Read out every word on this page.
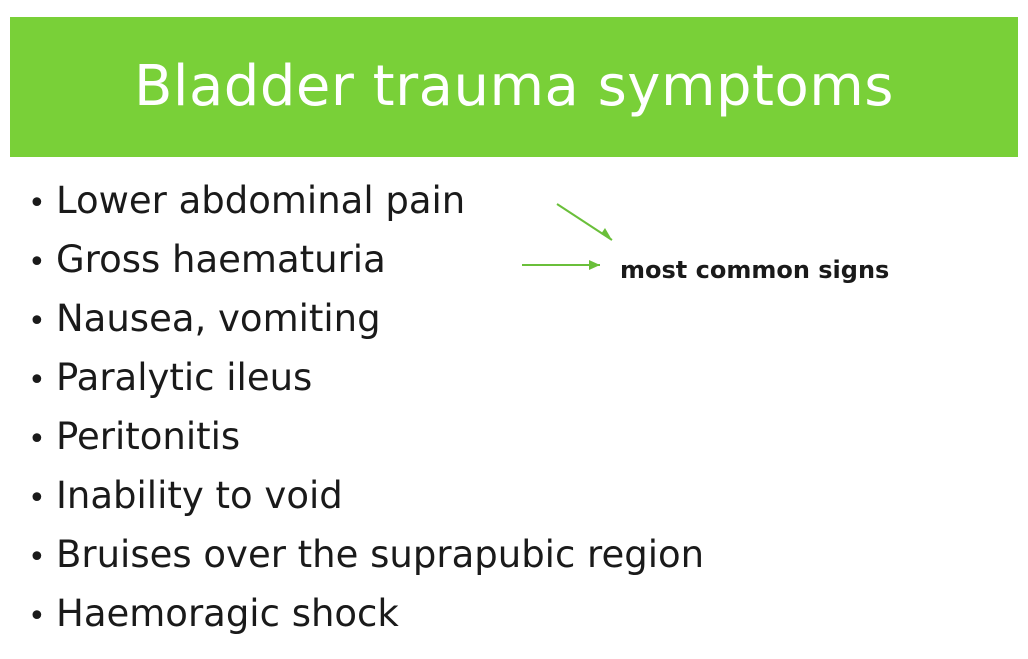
Bladder trauma symptoms
• Lower abdominal pain
• Gross haematuria
• Nausea, vomiting
• Paralytic ileus
• Peritonitis
• Inability to void
• Bruises over the suprapubic region
• Haemoragic shock
most common signs
